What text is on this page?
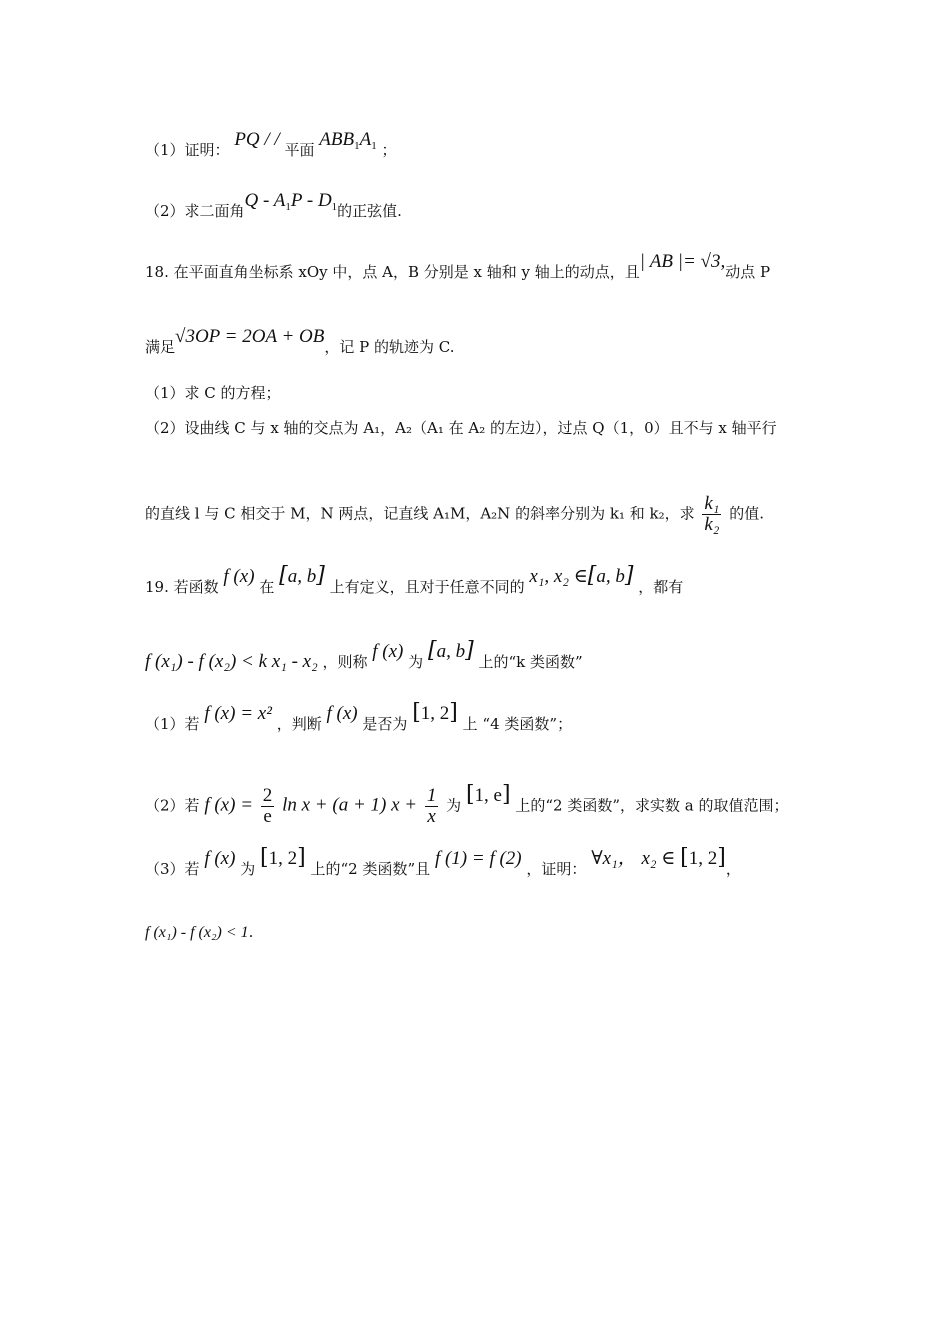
（1）证明： PQ / / 平面 $ABB_1A_1$ ；
（2）求二面角Q - $A_1P - D_1$的正弦值.
18. 在平面直角坐标系 xOy 中，点 A，B 分别是 x 轴和 y 轴上的动点，且| AB |= √3,动点 P
满足√3OP = 2OA + OB，记 P 的轨迹为 C.
（1）求 C 的方程；
（2）设曲线 C 与 x 轴的交点为 A₁，A₂（A₁ 在 A₂ 的左边），过点 Q（1，0）且不与 x 轴平行
的直线 l 与 C 相交于 M，N 两点，记直线 A₁M，A₂N 的斜率分别为 k₁ 和 k₂，求 $\frac{\text{k₁}}{\text{k₂}}$ 的值.
19. 若函数 f (x) 在 [a, b] 上有定义，且对于任意不同的 x₁, x₂ ∈[a, b] ，都有
f (x₁) - f (x₂) < k x₁ - x₂ ，则称 f (x) 为 [a, b] 上的“k 类函数”
（1）若 f (x) = x² ，判断 f (x) 是否为 [1, 2] 上 “4 类函数”；
（2）若 f $(x) = \frac{2}{e}$ ln x + (a + 1) $x + \frac{1}{x}$ 为 [1, e] 上的“2 类函数”，求实数 a 的取值范围；
（3）若 f (x) 为 [1, 2] 上的“2 类函数”且 f (1) = f (2) ，证明： ∀x₁， x₂ ∈ [1, 2]，
f (x₁) - f (x₂) < 1.
